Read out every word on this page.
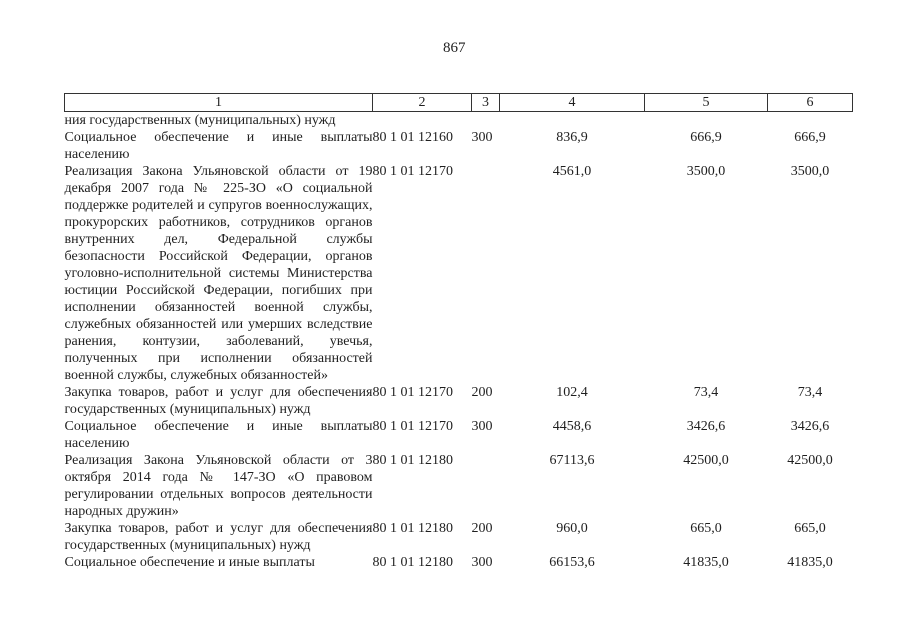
867
1	2	3	4	5	6
ния государственных (муниципальных) нужд					
Социальное обеспечение и иные выплаты населению	80 1 01 12160	300	836,9	666,9	666,9
Реализация Закона Ульяновской области от 19 декабря 2007 года № 225-ЗО «О социальной поддержке родителей и супругов военнослужащих, прокурорских работников, сотрудников органов внутренних дел, Федеральной службы безопасности Российской Федерации, органов уголовно-исполнительной системы Министерства юстиции Российской Федерации, погибших при исполнении обязанностей военной службы, служебных обязанностей или умерших вследствие ранения, контузии, заболеваний, увечья, полученных при исполнении обязанностей военной службы, служебных обязанностей»	80 1 01 12170		4561,0	3500,0	3500,0
Закупка товаров, работ и услуг для обеспечения государственных (муниципальных) нужд	80 1 01 12170	200	102,4	73,4	73,4
Социальное обеспечение и иные выплаты населению	80 1 01 12170	300	4458,6	3426,6	3426,6
Реализация Закона Ульяновской области от 3 октября 2014 года № 147-ЗО «О правовом регулировании отдельных вопросов деятельности народных дружин»	80 1 01 12180		67113,6	42500,0	42500,0
Закупка товаров, работ и услуг для обеспечения государственных (муниципальных) нужд	80 1 01 12180	200	960,0	665,0	665,0
Социальное обеспечение и иные выплаты	80 1 01 12180	300	66153,6	41835,0	41835,0
